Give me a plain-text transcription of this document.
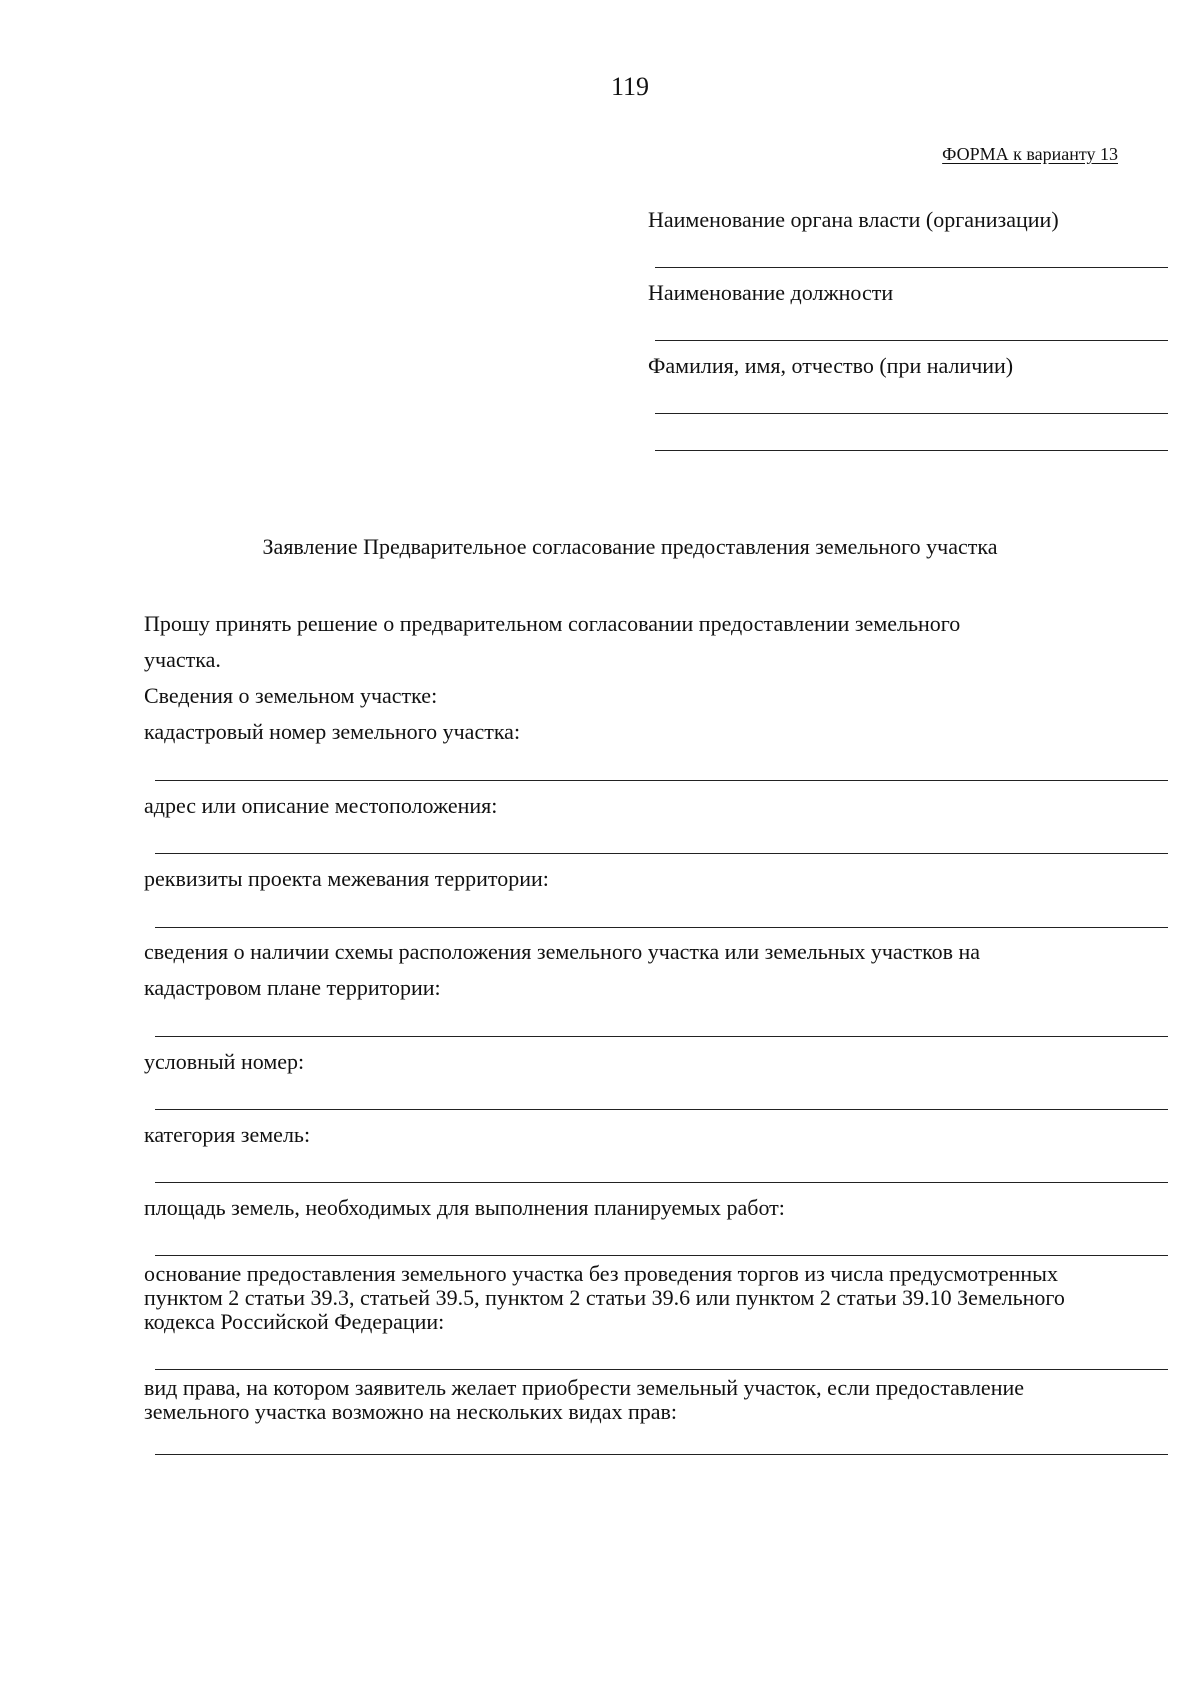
119
ФОРМА к варианту 13
Наименование органа власти (организации)
Наименование должности
Фамилия, имя, отчество (при наличии)
Заявление Предварительное согласование предоставления земельного участка
Прошу принять решение о предварительном согласовании предоставлении земельного
участка.
Сведения о земельном участке:
кадастровый номер земельного участка:
адрес или описание местоположения:
реквизиты проекта межевания территории:
сведения о наличии схемы расположения земельного участка или земельных участков на
кадастровом плане территории:
условный номер:
категория земель:
площадь земель, необходимых для выполнения планируемых работ:
основание предоставления земельного участка без проведения торгов из числа предусмотренных пунктом 2 статьи 39.3, статьей 39.5, пунктом 2 статьи 39.6 или пунктом 2 статьи 39.10 Земельного кодекса Российской Федерации:
вид права, на котором заявитель желает приобрести земельный участок, если предоставление земельного участка возможно на нескольких видах прав:
